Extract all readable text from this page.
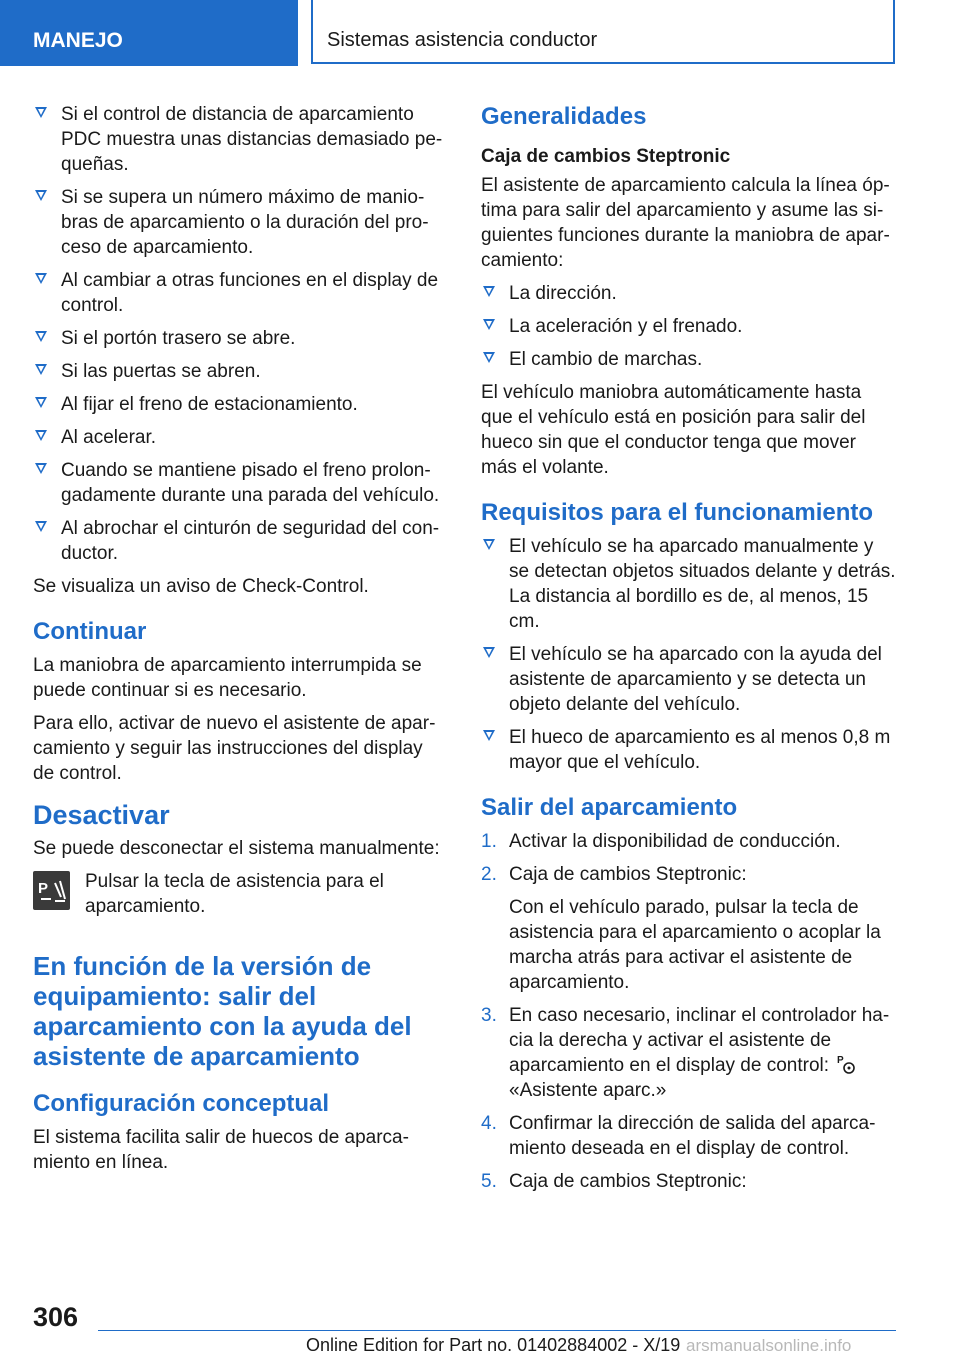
MANEJO	Sistemas asistencia conductor
Si el control de distancia de aparcamiento PDC muestra unas distancias demasiado pequeñas.
Si se supera un número máximo de maniobras de aparcamiento o la duración del proceso de aparcamiento.
Al cambiar a otras funciones en el display de control.
Si el portón trasero se abre.
Si las puertas se abren.
Al fijar el freno de estacionamiento.
Al acelerar.
Cuando se mantiene pisado el freno prolongadamente durante una parada del vehículo.
Al abrochar el cinturón de seguridad del conductor.

Se visualiza un aviso de Check-Control.

Continuar

La maniobra de aparcamiento interrumpida se puede continuar si es necesario.

Para ello, activar de nuevo el asistente de aparcamiento y seguir las instrucciones del display de control.

Desactivar

Se puede desconectar el sistema manualmente:

P Pulsar la tecla de asistencia para el aparcamiento.
En función de la versión de equipamiento: salir del aparcamiento con la ayuda del asistente de aparcamiento
Configuración conceptual

El sistema facilita salir de huecos de aparcamiento en línea.

Generalidades
Caja de cambios Steptronic

El asistente de aparcamiento calcula la línea óptima para salir del aparcamiento y asume las siguientes funciones durante la maniobra de aparcamiento:

La dirección.
La aceleración y el frenado.
El cambio de marchas.

El vehículo maniobra automáticamente hasta que el vehículo está en posición para salir del hueco sin que el conductor tenga que mover más el volante.

Requisitos para el funcionamiento
El vehículo se ha aparcado manualmente y se detectan objetos situados delante y detrás. La distancia al bordillo es de, al menos, 15 cm.
El vehículo se ha aparcado con la ayuda del asistente de aparcamiento y se detecta un objeto delante del vehículo.
El hueco de aparcamiento es al menos 0,8 m mayor que el vehículo.
Salir del aparcamiento
1. Activar la disponibilidad de conducción.
2. Caja de cambios Steptronic:
Con el vehículo parado, pulsar la tecla de asistencia para el aparcamiento o acoplar la marcha atrás para activar el asistente de aparcamiento.
3. En caso necesario, inclinar el controlador hacia la derecha y activar el asistente de aparcamiento en el display de control: P

«Asistente aparc.»
4. Confirmar la dirección de salida del aparcamiento deseada en el display de control.
5. Caja de cambios Steptronic:
306
Online Edition for Part no. 01402884002 - X/19 arsmanualsonline.info
